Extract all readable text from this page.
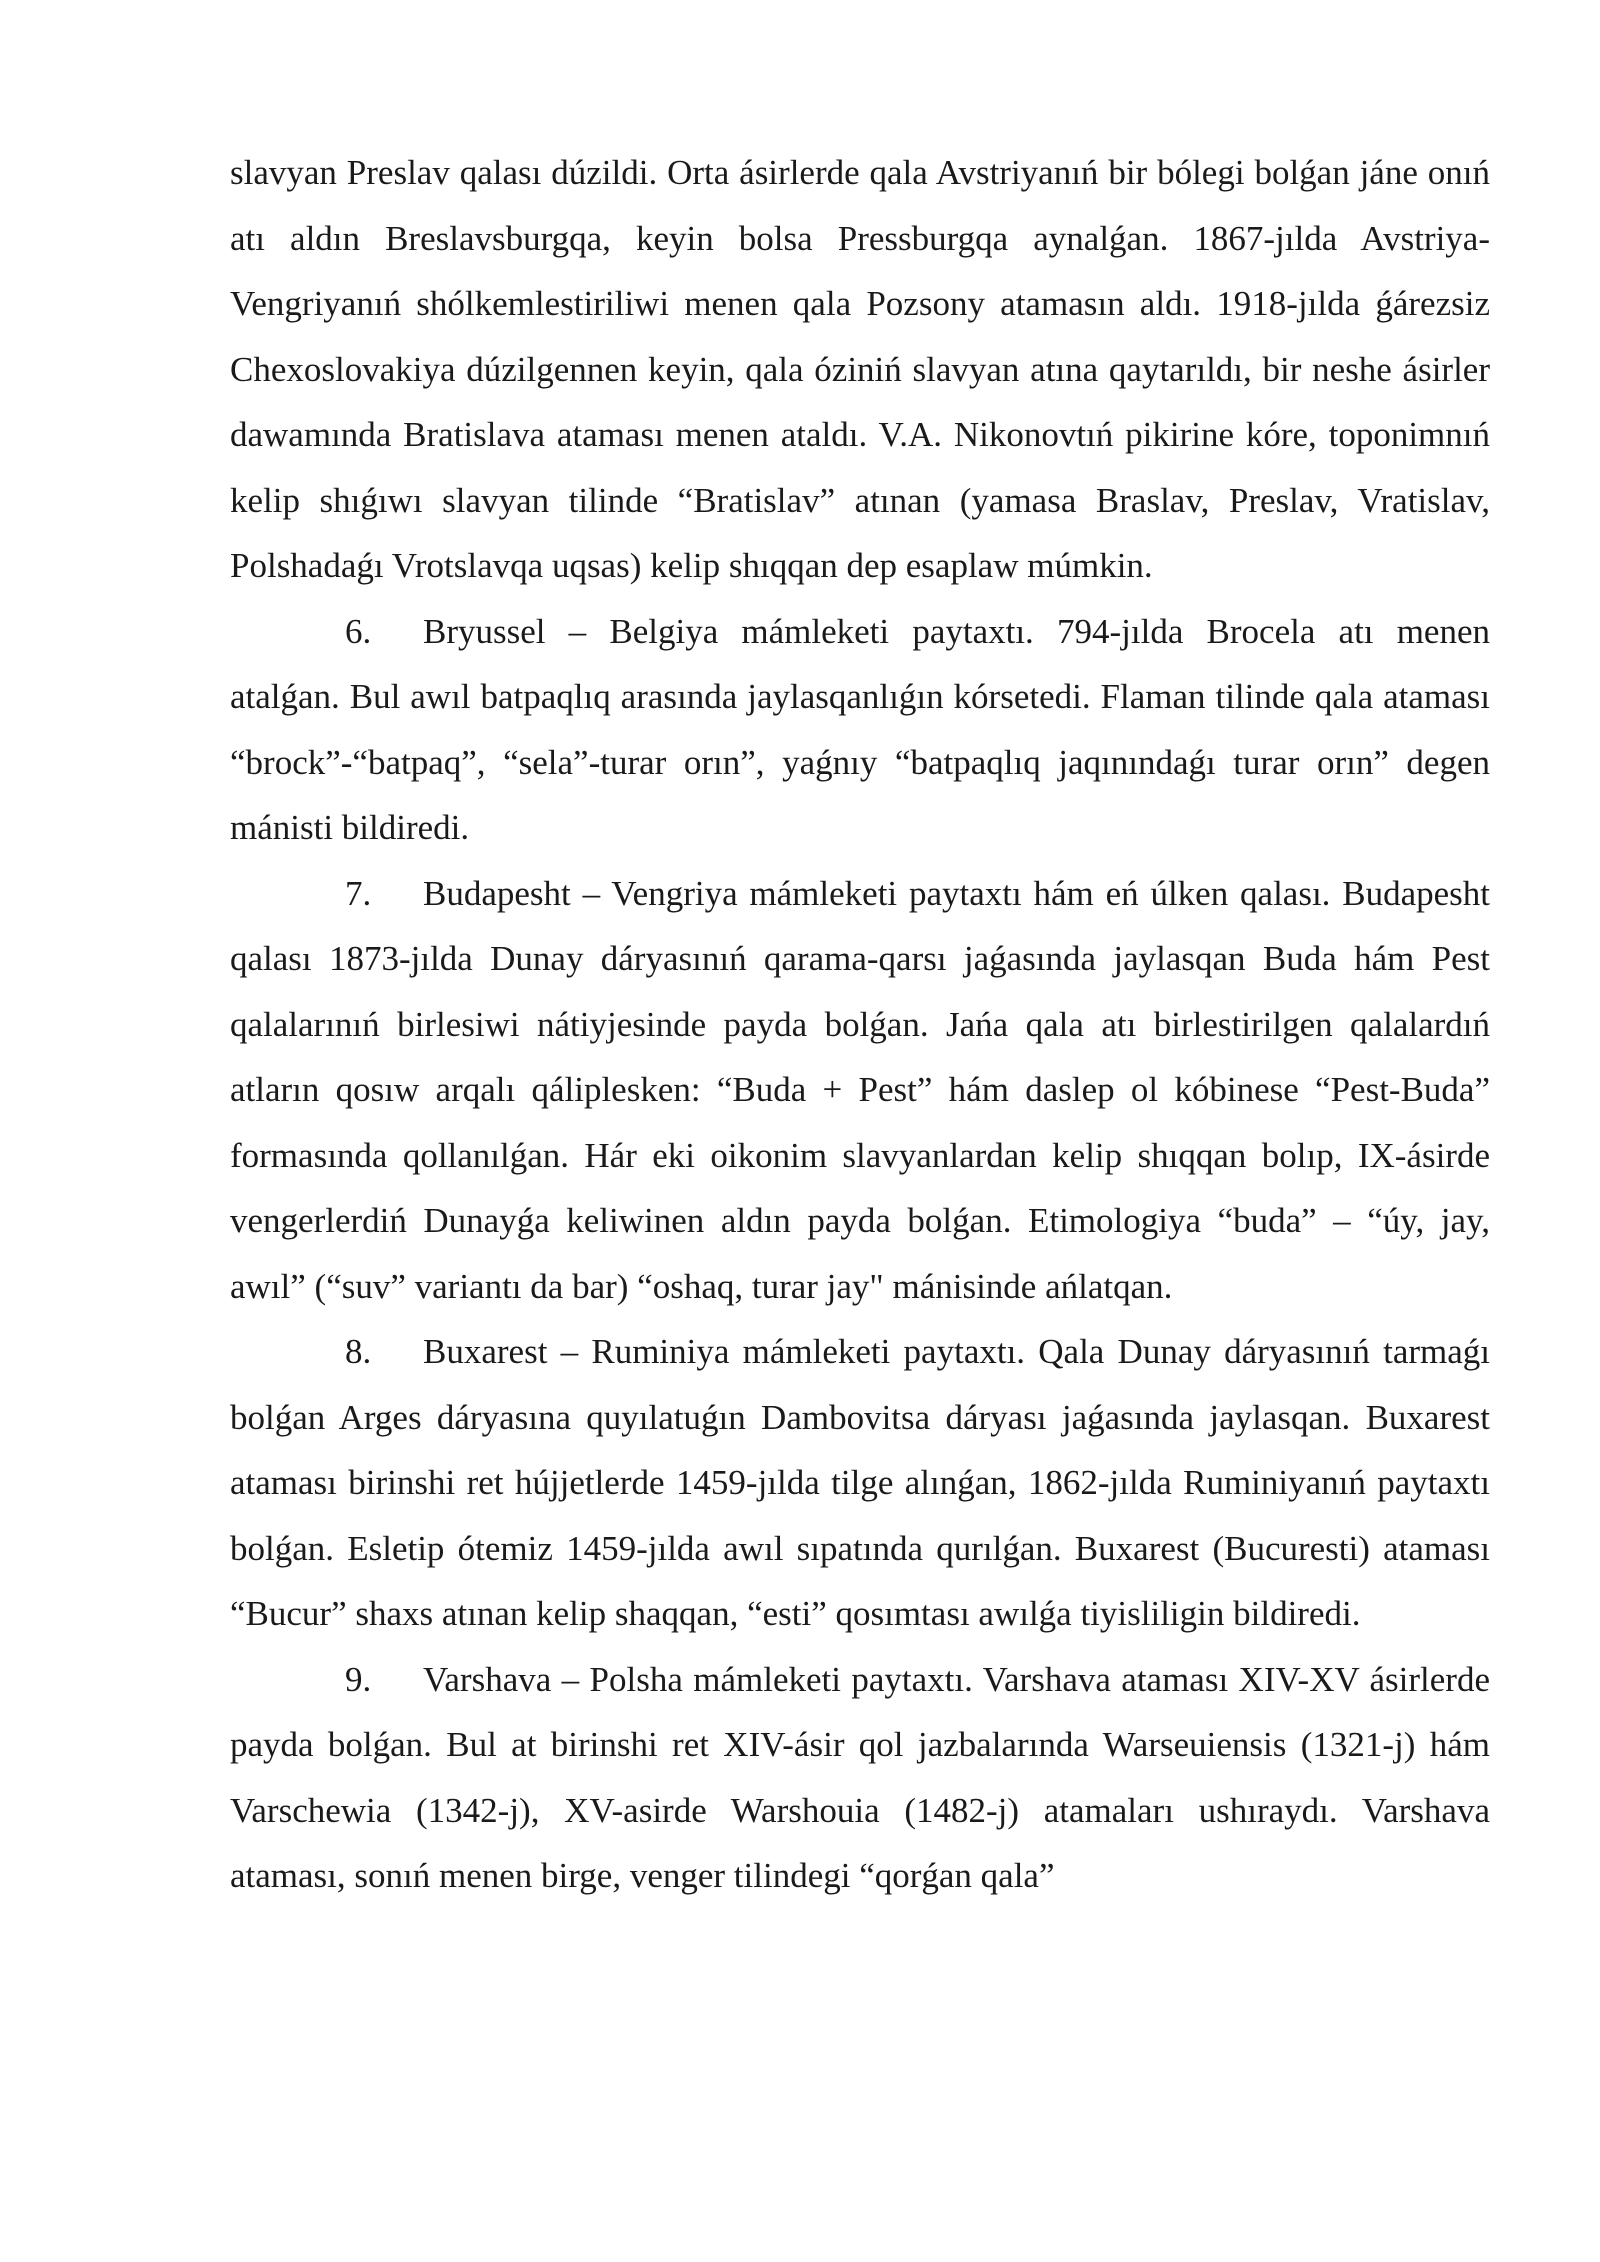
slavyan Preslav qalası dúzildi. Orta ásirlerde qala Avstriyanıń bir bólegi bolǵan jáne onıń atı aldın Breslavsburgqa, keyin bolsa Pressburgqa aynalǵan. 1867-jılda Avstriya-Vengriyanıń shólkemlestiriliwi menen qala Pozsony atamasın aldı. 1918-jılda ǵárezsiz Chexoslovakiya dúzilgennen keyin, qala óziniń slavyan atına qaytarıldı, bir neshe ásirler dawamında Bratislava ataması menen ataldı. V.A. Nikonovtıń pikirine kóre, toponimnıń kelip shıǵıwı slavyan tilinde “Bratislav” atınan (yamasa Braslav, Preslav, Vratislav, Polshadaǵı Vrotslavqa uqsas) kelip shıqqan dep esaplaw múmkin.

6. Bryussel – Belgiya mámleketi paytaxtı. 794-jılda Brocela atı menen atalǵan. Bul awıl batpaqlıq arasında jaylasqanlıǵın kórsetedi. Flaman tilinde qala ataması “brock”-“batpaq”, “sela”-turar orın”, yaǵnıy “batpaqlıq jaqınındaǵı turar orın” degen mánisti bildiredi.

7. Budapesht – Vengriya mámleketi paytaxtı hám eń úlken qalası. Budapesht qalası 1873-jılda Dunay dáryasınıń qarama-qarsı jaǵasında jaylasqan Buda hám Pest qalalarınıń birlesiwi nátiyjesinde payda bolǵan. Jańa qala atı birlestirilgen qalalardıń atların qosıw arqalı qáliplesken: “Buda + Pest” hám daslep ol kóbinese “Pest-Buda” formasında qollanılǵan. Hár eki oikonim slavyanlardan kelip shıqqan bolıp, IX-ásirde vengerlerdiń Dunayǵa keliwinen aldın payda bolǵan. Etimologiya “buda” – “úy, jay, awıl” (“suv” variantı da bar) “oshaq, turar jay" mánisinde ańlatqan.

8. Buxarest – Ruminiya mámleketi paytaxtı. Qala Dunay dáryasınıń tarmaǵı bolǵan Arges dáryasına quyılatuǵın Dambovitsa dáryası jaǵasında jaylasqan. Buxarest ataması birinshi ret hújjetlerde 1459-jılda tilge alınǵan, 1862-jılda Ruminiyanıń paytaxtı bolǵan. Esletip ótemiz 1459-jılda awıl sıpatında qurılǵan. Buxarest (Bucuresti) ataması “Bucur” shaxs atınan kelip shaqqan, “esti” qosımtası awılǵa tiyisliligin bildiredi.

9. Varshava – Polsha mámleketi paytaxtı. Varshava ataması XIV-XV ásirlerde payda bolǵan. Bul at birinshi ret XIV-ásir qol jazbalarında Warseuiensis (1321-j) hám Varschewia (1342-j), XV-asirde Warshouia (1482-j) atamaları ushıraydı. Varshava ataması, sonıń menen birge, venger tilindegi “qorǵan qala”
